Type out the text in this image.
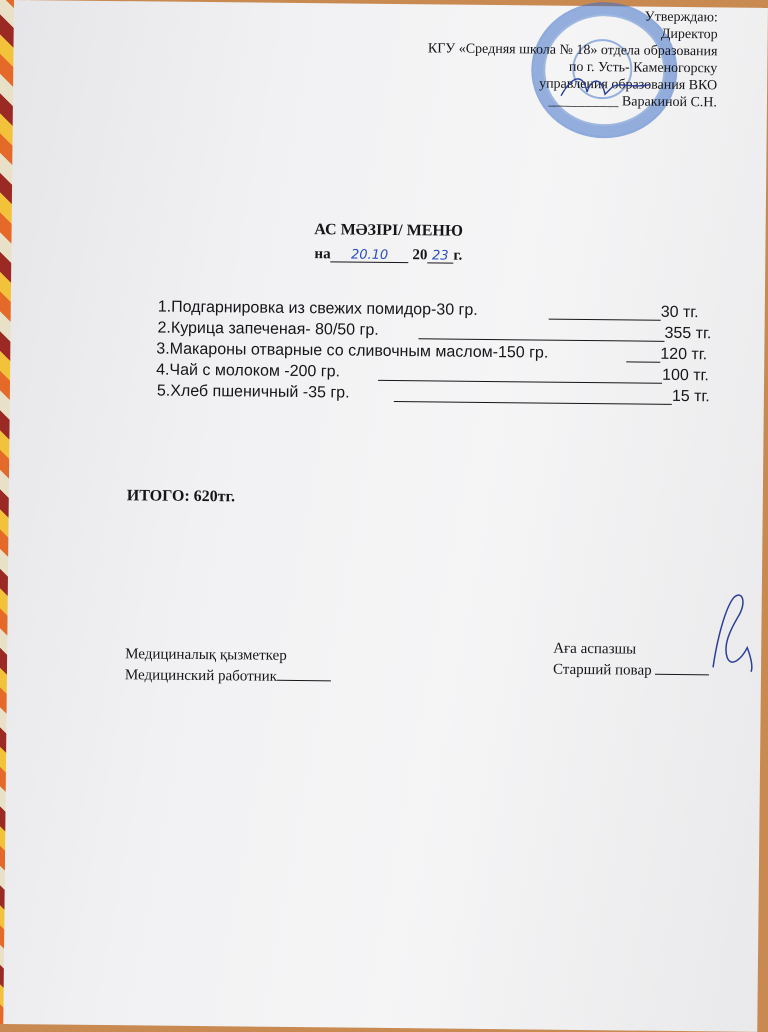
Утверждаю:
Директор
КГУ «Средняя школа № 18» отдела образования
по г. Усть- Каменогорску
управления образования ВКО
__________ Варакиной С.Н.
АС МӘЗІРІ/ МЕНЮ
на 20.10 20 23 г.
1.Подгарнировка из свежих помидор-30 гр.	30 тг.
2.Курица запеченая- 80/50 гр.	355 тг.
3.Макароны отварные со сливочным маслом-150 гр.	120 тг.
4.Чай с молоком -200 гр.	100 тг.
5.Хлеб пшеничный -35 гр.	15 тг.
ИТОГО: 620тг.
Медициналық қызметкер
Медицинский работник
Аға аспазшы
Старший повар
